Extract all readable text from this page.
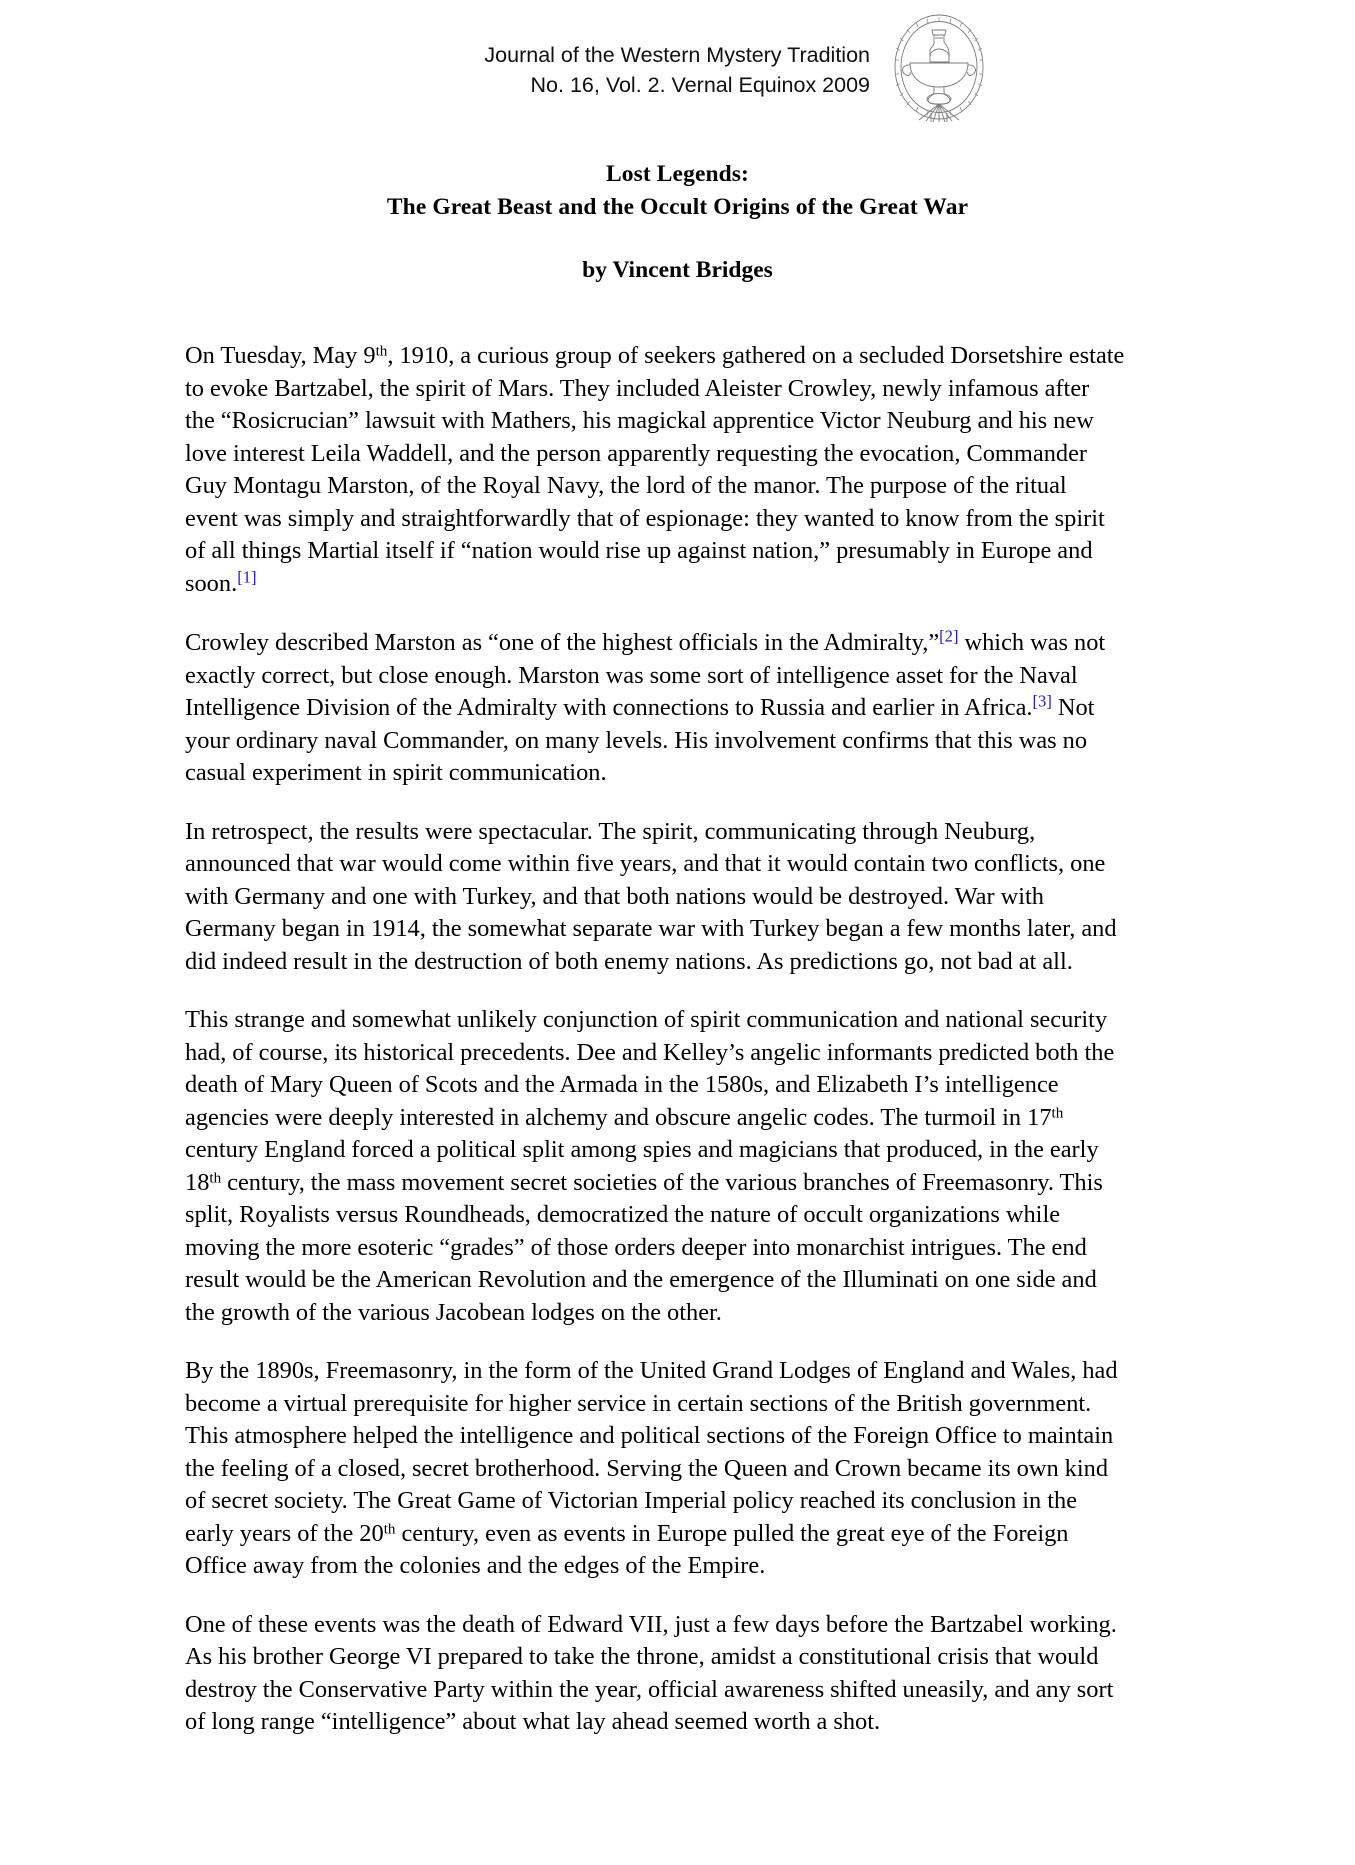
Journal of the Western Mystery Tradition
No. 16, Vol. 2. Vernal Equinox 2009
Lost Legends:
The Great Beast and the Occult Origins of the Great War
by Vincent Bridges

On Tuesday, May 9th, 1910, a curious group of seekers gathered on a secluded Dorsetshire estate to evoke Bartzabel, the spirit of Mars. They included Aleister Crowley, newly infamous after the “Rosicrucian” lawsuit with Mathers, his magickal apprentice Victor Neuburg and his new love interest Leila Waddell, and the person apparently requesting the evocation, Commander Guy Montagu Marston, of the Royal Navy, the lord of the manor. The purpose of the ritual event was simply and straightforwardly that of espionage: they wanted to know from the spirit of all things Martial itself if “nation would rise up against nation,” presumably in Europe and soon.[1]

Crowley described Marston as “one of the highest officials in the Admiralty,”[2] which was not exactly correct, but close enough. Marston was some sort of intelligence asset for the Naval Intelligence Division of the Admiralty with connections to Russia and earlier in Africa.[3] Not your ordinary naval Commander, on many levels. His involvement confirms that this was no casual experiment in spirit communication.

In retrospect, the results were spectacular. The spirit, communicating through Neuburg, announced that war would come within five years, and that it would contain two conflicts, one with Germany and one with Turkey, and that both nations would be destroyed. War with Germany began in 1914, the somewhat separate war with Turkey began a few months later, and did indeed result in the destruction of both enemy nations. As predictions go, not bad at all.

This strange and somewhat unlikely conjunction of spirit communication and national security had, of course, its historical precedents. Dee and Kelley’s angelic informants predicted both the death of Mary Queen of Scots and the Armada in the 1580s, and Elizabeth I’s intelligence agencies were deeply interested in alchemy and obscure angelic codes. The turmoil in 17th century England forced a political split among spies and magicians that produced, in the early 18th century, the mass movement secret societies of the various branches of Freemasonry. This split, Royalists versus Roundheads, democratized the nature of occult organizations while moving the more esoteric “grades” of those orders deeper into monarchist intrigues. The end result would be the American Revolution and the emergence of the Illuminati on one side and the growth of the various Jacobean lodges on the other.

By the 1890s, Freemasonry, in the form of the United Grand Lodges of England and Wales, had become a virtual prerequisite for higher service in certain sections of the British government. This atmosphere helped the intelligence and political sections of the Foreign Office to maintain the feeling of a closed, secret brotherhood. Serving the Queen and Crown became its own kind of secret society. The Great Game of Victorian Imperial policy reached its conclusion in the early years of the 20th century, even as events in Europe pulled the great eye of the Foreign Office away from the colonies and the edges of the Empire.

One of these events was the death of Edward VII, just a few days before the Bartzabel working. As his brother George VI prepared to take the throne, amidst a constitutional crisis that would destroy the Conservative Party within the year, official awareness shifted uneasily, and any sort of long range “intelligence” about what lay ahead seemed worth a shot.
